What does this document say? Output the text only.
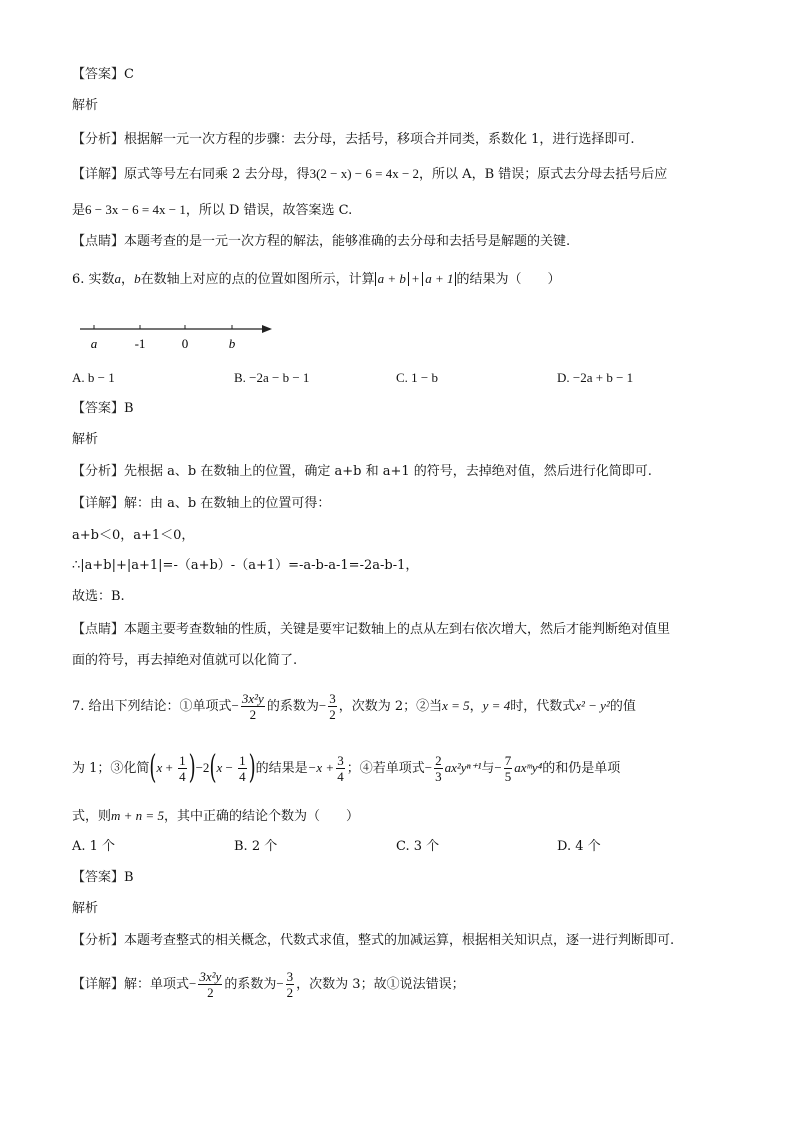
【答案】C
解析
【分析】根据解一元一次方程的步骤：去分母，去括号，移项合并同类，系数化 1，进行选择即可.
【详解】原式等号左右同乘 2 去分母，得3(2 − x) − 6 = 4x − 2，所以 A，B 错误；原式去分母去括号后应
是6 − 3x − 6 = 4x − 1，所以 D 错误，故答案选 C.
【点睛】本题考查的是一元一次方程的解法，能够准确的去分母和去括号是解题的关键.
6. 实数a，b在数轴上对应的点的位置如图所示，计算 a + b + a + 1 的结果为（　　）
a	-1	0	b
A. b − 1	B. −2a − b − 1	C. 1 − b	D. −2a + b − 1
【答案】B
解析
【分析】先根据 a、b 在数轴上的位置，确定 a+b 和 a+1 的符号，去掉绝对值，然后进行化简即可.
【详解】解：由 a、b 在数轴上的位置可得：
a+b＜0，a+1＜0，
∴|a+b|+|a+1|=-（a+b）-（a+1）=-a-b-a-1=-2a-b-1，
故选：B.
【点睛】本题主要考查数轴的性质，关键是要牢记数轴上的点从左到右依次增大，然后才能判断绝对值里
面的符号，再去掉绝对值就可以化简了.
7. 给出下列结论：①单项式− $\frac{\text{3x²y}}{2}$ 的系数为− $\frac{3}{2}$ ，次数为 2；②当x = 5，y = 4时，代数式x² − y²的值
为 1；③化简$(x + \frac{1}{4} )-2(x - \frac{1}{4}$ )的结果是$-x + \frac{3}{4}$ ；④若单项式− $\frac{2}{3} ax^2y^{n+1}$与− $\frac{7}{5}$ axᵐy⁴的和仍是单项
式，则m + n = 5，其中正确的结论个数为（　　）
A. 1 个	B. 2 个	C. 3 个	D. 4 个
【答案】B
解析
【分析】本题考查整式的相关概念，代数式求值，整式的加减运算，根据相关知识点，逐一进行判断即可.
【详解】解：单项式− $\frac{\text{3x²y}}{2}$ 的系数为− $\frac{3}{2}$ ，次数为 3；故①说法错误；
